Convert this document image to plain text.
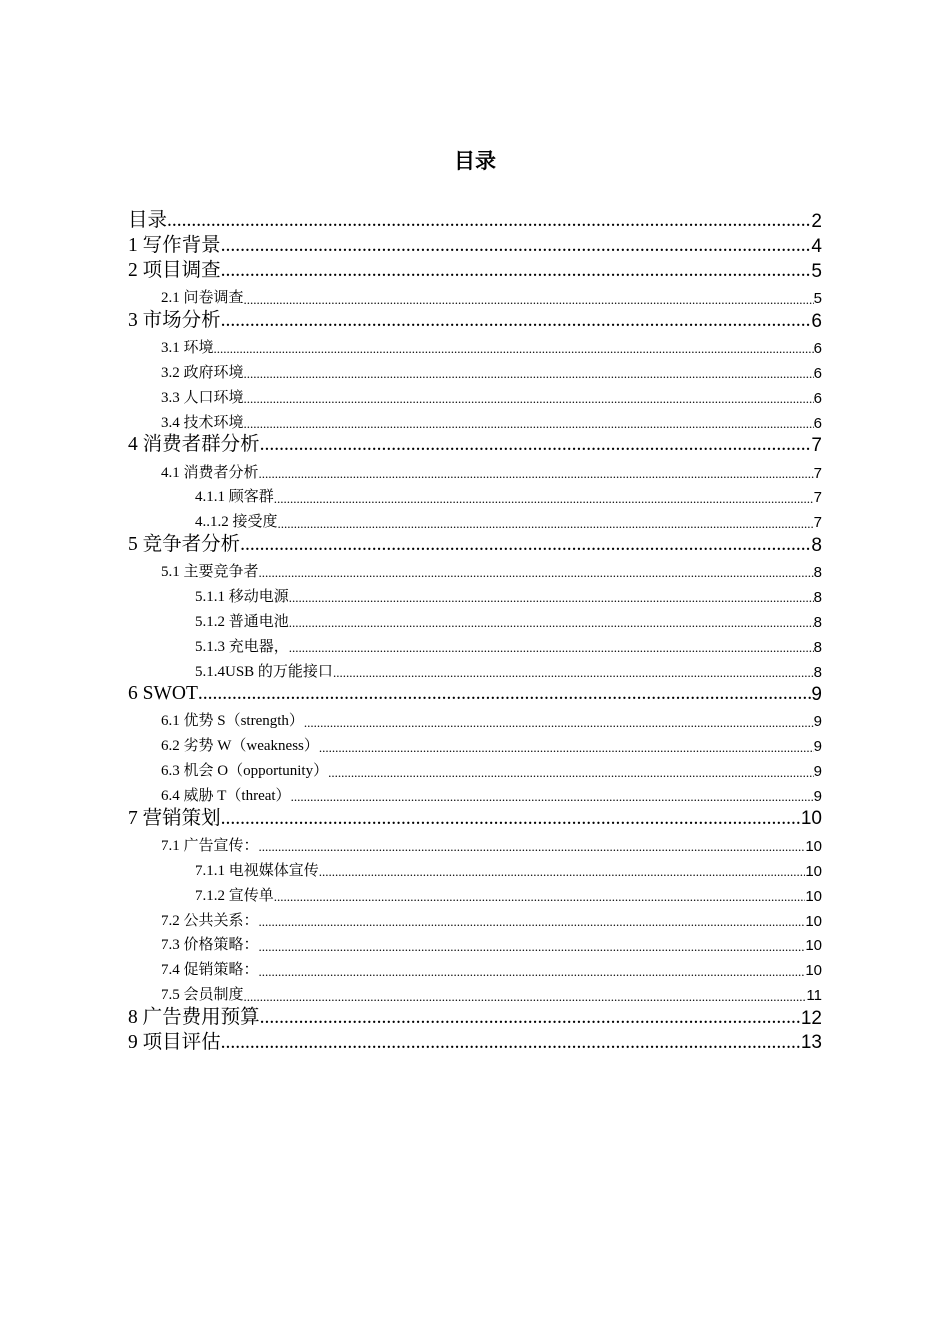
目录
目录 .....	2
1 写作背景 .....	4
2 项目调查 .....	5
2.1 问卷调查 .....	5
3 市场分析 .....	6
3.1 环境 .....	6
3.2 政府环境 .....	6
3.3 人口环境 .....	6
3.4 技术环境 .....	6
4 消费者群分析 .....	7
4.1 消费者分析 .....	7
4.1.1 顾客群 .....	7
4..1.2 接受度 .....	7
5 竞争者分析 .....	8
5.1 主要竞争者 .....	8
5.1.1 移动电源 .....	8
5.1.2 普通电池 .....	8
5.1.3 充电器， .....	8
5.1.4USB 的万能接口 .....	8
6 SWOT .....	9
6.1 优势 S（strength） .....	9
6.2 劣势 W（weakness） .....	9
6.3 机会 O（opportunity） .....	9
6.4 威胁 T（threat） .....	9
7 营销策划 .....	10
7.1 广告宣传： .....	10
7.1.1 电视媒体宣传 .....	10
7.1.2 宣传单 .....	10
7.2 公共关系： .....	10
7.3 价格策略： .....	10
7.4 促销策略： .....	10
7.5 会员制度 .....	11
8 广告费用预算 .....	12
9 项目评估 .....	13
